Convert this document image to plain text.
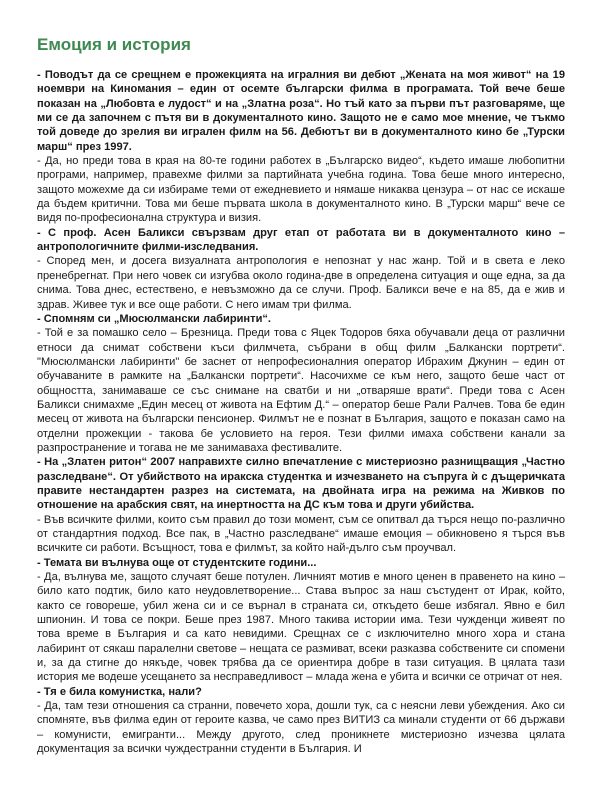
Емоция и история

- Поводът да се срещнем е прожекцията на игралния ви дебют „Жената на моя живот“ на 19 ноември на Киномания – един от осемте български филма в програмата. Той вече беше показан на „Любовта е лудост“ и на „Златна роза“. Но тъй като за първи път разговаряме, ще ми се да започнем с пътя ви в документалното кино. Защото не е само мое мнение, че тъкмо той доведе до зрелия ви игрален филм на 56. Дебютът ви в документалното кино бе „Турски марш“ през 1997.

- Да, но преди това в края на 80-те години работех в „Българско видео“, където имаше любопитни програми, например, правехме филми за партийната учебна година. Това беше много интересно, защото можехме да си избираме теми от ежедневието и нямаше никаква цензура – от нас се искаше да бъдем критични. Това ми беше първата школа в документалното кино. В „Турски марш“ вече се видя по-професионална структура и визия.

- С проф. Асен Баликси свързвам друг етап от работата ви в документалното кино – антропологичните филми-изследвания.

- Според мен, и досега визуалната антропология е непознат у нас жанр. Той и в света е леко пренебрегнат. При него човек си изгубва около година-две в определена ситуация и още една, за да снима. Това днес, естествено, е невъзможно да се случи. Проф. Баликси вече е на 85, да е жив и здрав. Живее тук и все още работи. С него имам три филма.

- Спомням си „Мюсюлмански лабиринти“.

- Той е за помашко село – Брезница. Преди това с Яцек Тодоров бяха обучавали деца от различни етноси да снимат собствени къси филмчета, събрани в общ филм „Балкански портрети“. "Мюсюлмански лабиринти" бе заснет от непрофесионалния оператор Ибрахим Джунин – един от обучаваните в рамките на „Балкански портрети“. Насочихме се към него, защото беше част от общността, занимаваше се със снимане на сватби и ни „отваряше врати“. Преди това с Асен Баликси снимахме „Един месец от живота на Ефтим Д.“ – оператор беше Рали Ралчев. Това бе един месец от живота на български пенсионер. Филмът не е познат в България, защото е показан само на отделни прожекции - такова бе условието на героя. Тези филми имаха собствени канали за разпространение и тогава не ме занимаваха фестивалите.

- На „Златен ритон“ 2007 направихте силно впечатление с мистериозно разнищващия „Частно разследване“. От убийството на иракска студентка и изчезването на съпруга ѝ с дъщеричката правите нестандартен разрез на системата, на двойната игра на режима на Живков по отношение на арабския свят, на инертността на ДС към това и други убийства.

- Във всичките филми, които съм правил до този момент, съм се опитвал да търся нещо по-различно от стандартния подход. Все пак, в „Частно разследване“ имаше емоция – обикновено я търся във всичките си работи. Всъщност, това е филмът, за който най-дълго съм проучвал.

- Темата ви вълнува още от студентските години...

- Да, вълнува ме, защото случаят беше потулен. Личният мотив е много ценен в правенето на кино – било като подтик, било като неудовлетворение... Става въпрос за наш състудент от Ирак, който, както се говореше, убил жена си и се върнал в страната си, откъдето беше избягал. Явно е бил шпионин. И това се покри. Беше през 1987. Много такива истории има. Тези чужденци живеят по това време в България и са като невидими. Срещнах се с изключително много хора и стана лабиринт от сякаш паралелни светове – нещата се размиват, всеки разказва собствените си спомени и, за да стигне до някъде, човек трябва да се ориентира добре в тази ситуация. В цялата тази история ме водеше усещането за несправедливост – млада жена е убита и всички се отричат от нея.

- Тя е била комунистка, нали?

- Да, там тези отношения са странни, повечето хора, дошли тук, са с неясни леви убеждения. Ако си спомняте, във филма един от героите казва, че само през ВИТИЗ са минали студенти от 66 държави – комунисти, емигранти... Между другото, след проникнете мистериозно изчезва цялата документация за всички чуждестранни студенти в България. И
